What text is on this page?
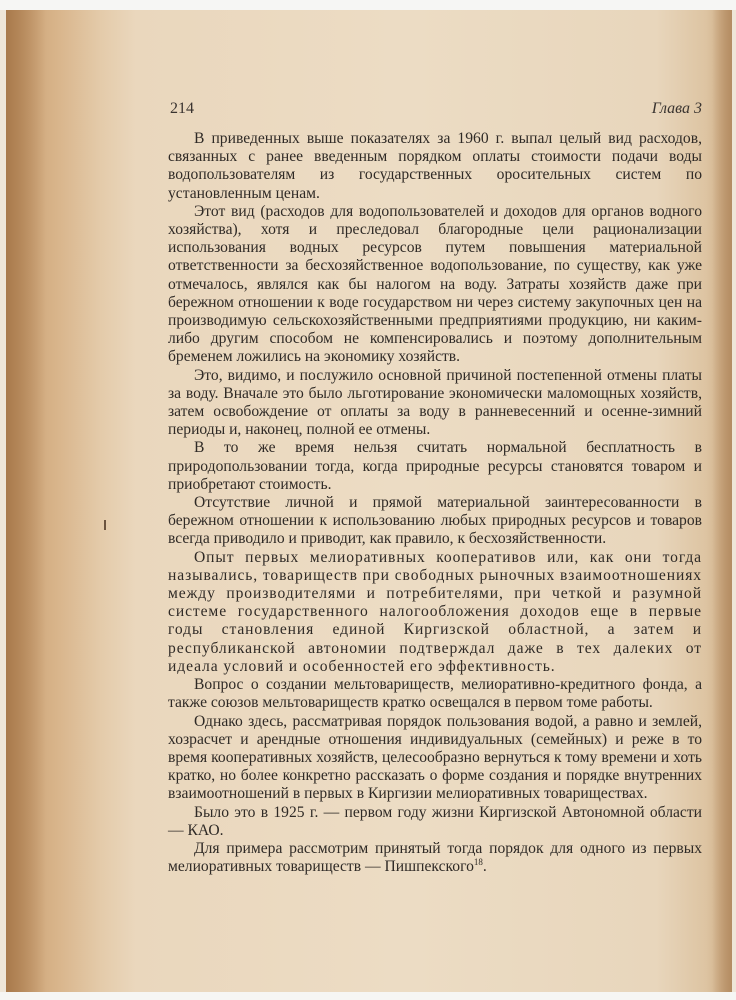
214	Глава 3

В приведенных выше показателях за 1960 г. выпал целый вид расходов, связанных с ранее введенным порядком оплаты стоимости подачи воды водопользователям из государственных оросительных систем по установленным ценам.

Этот вид (расходов для водопользователей и доходов для органов водного хозяйства), хотя и преследовал благородные цели рационализации использования водных ресурсов путем повышения материальной ответственности за бесхозяйственное водопользование, по существу, как уже отмечалось, являлся как бы налогом на воду. Затраты хозяйств даже при бережном отношении к воде государством ни через систему закупочных цен на производимую сельскохозяйственными предприятиями продукцию, ни каким-либо другим способом не компенсировались и поэтому дополнительным бременем ложились на экономику хозяйств.

Это, видимо, и послужило основной причиной постепенной отмены платы за воду. Вначале это было льготирование экономически маломощных хозяйств, затем освобождение от оплаты за воду в ранневесенний и осенне-зимний периоды и, наконец, полной ее отмены.

В то же время нельзя считать нормальной бесплатность в природопользовании тогда, когда природные ресурсы становятся товаром и приобретают стоимость.

Отсутствие личной и прямой материальной заинтересованности в бережном отношении к использованию любых природных ресурсов и товаров всегда приводило и приводит, как правило, к бесхозяйственности.

Опыт первых мелиоративных кооперативов или, как они тогда назывались, товариществ при свободных рыночных взаимоотношениях между производителями и потребителями, при четкой и разумной системе государственного налогообложения доходов еще в первые годы становления единой Киргизской областной, а затем и республиканской автономии подтверждал даже в тех далеких от идеала условий и особенностей его эффективность.

Вопрос о создании мельтовариществ, мелиоративно-кредитного фонда, а также союзов мельтовариществ кратко освещался в первом томе работы.

Однако здесь, рассматривая порядок пользования водой, а равно и землей, хозрасчет и арендные отношения индивидуальных (семейных) и реже в то время кооперативных хозяйств, целесообразно вернуться к тому времени и хоть кратко, но более конкретно рассказать о форме создания и порядке внутренних взаимоотношений в первых в Киргизии мелиоративных товариществах.

Было это в 1925 г. — первом году жизни Киргизской Автономной области — КАО.

Для примера рассмотрим принятый тогда порядок для одного из первых мелиоративных товариществ — Пишпекского$^{18}$.
